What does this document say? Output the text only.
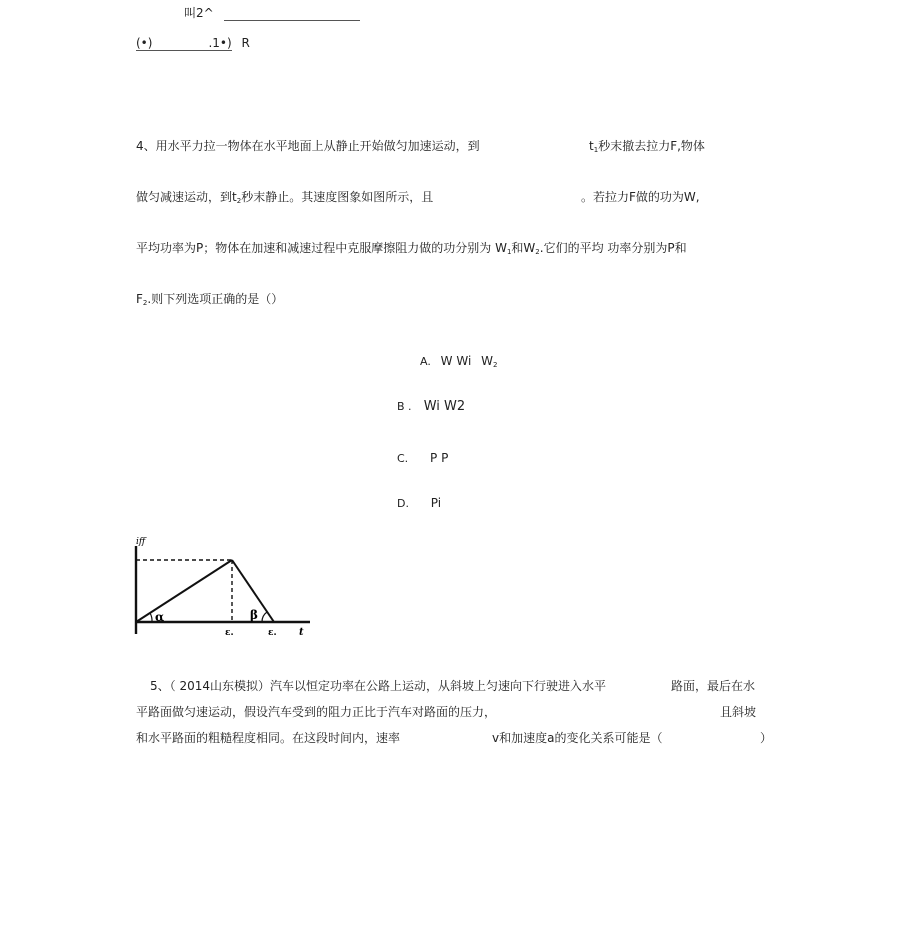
叫2^
(•)	.1•) R
4、用水平力拉一物体在水平地面上从静止开始做匀加速运动，到	$t_1$秒末撤去拉力F,物体
做匀减速运动，到$t_2$秒末静止。其速度图象如图所示，且	。若拉力F做的功为W,
平均功率为P；物体在加速和减速过程中克服摩擦阻力做的功分别为 $W_1$和$W_2$.它们的平均 功率分别为P和
$F_2$.则下列选项正确的是（）
A. W Wi $W_2$
B . Wi W2
C. P P
D. Pi
iff
α	β
ε.	ε. t
5、（ 2014山东模拟）汽车以恒定功率在公路上运动，从斜坡上匀速向下行驶进入水平	路面，最后在水
平路面做匀速运动，假设汽车受到的阻力正比于汽车对路面的压力，	且斜坡
和水平路面的粗糙程度相同。在这段时间内，速率	v和加速度a的变化关系可能是（	）
